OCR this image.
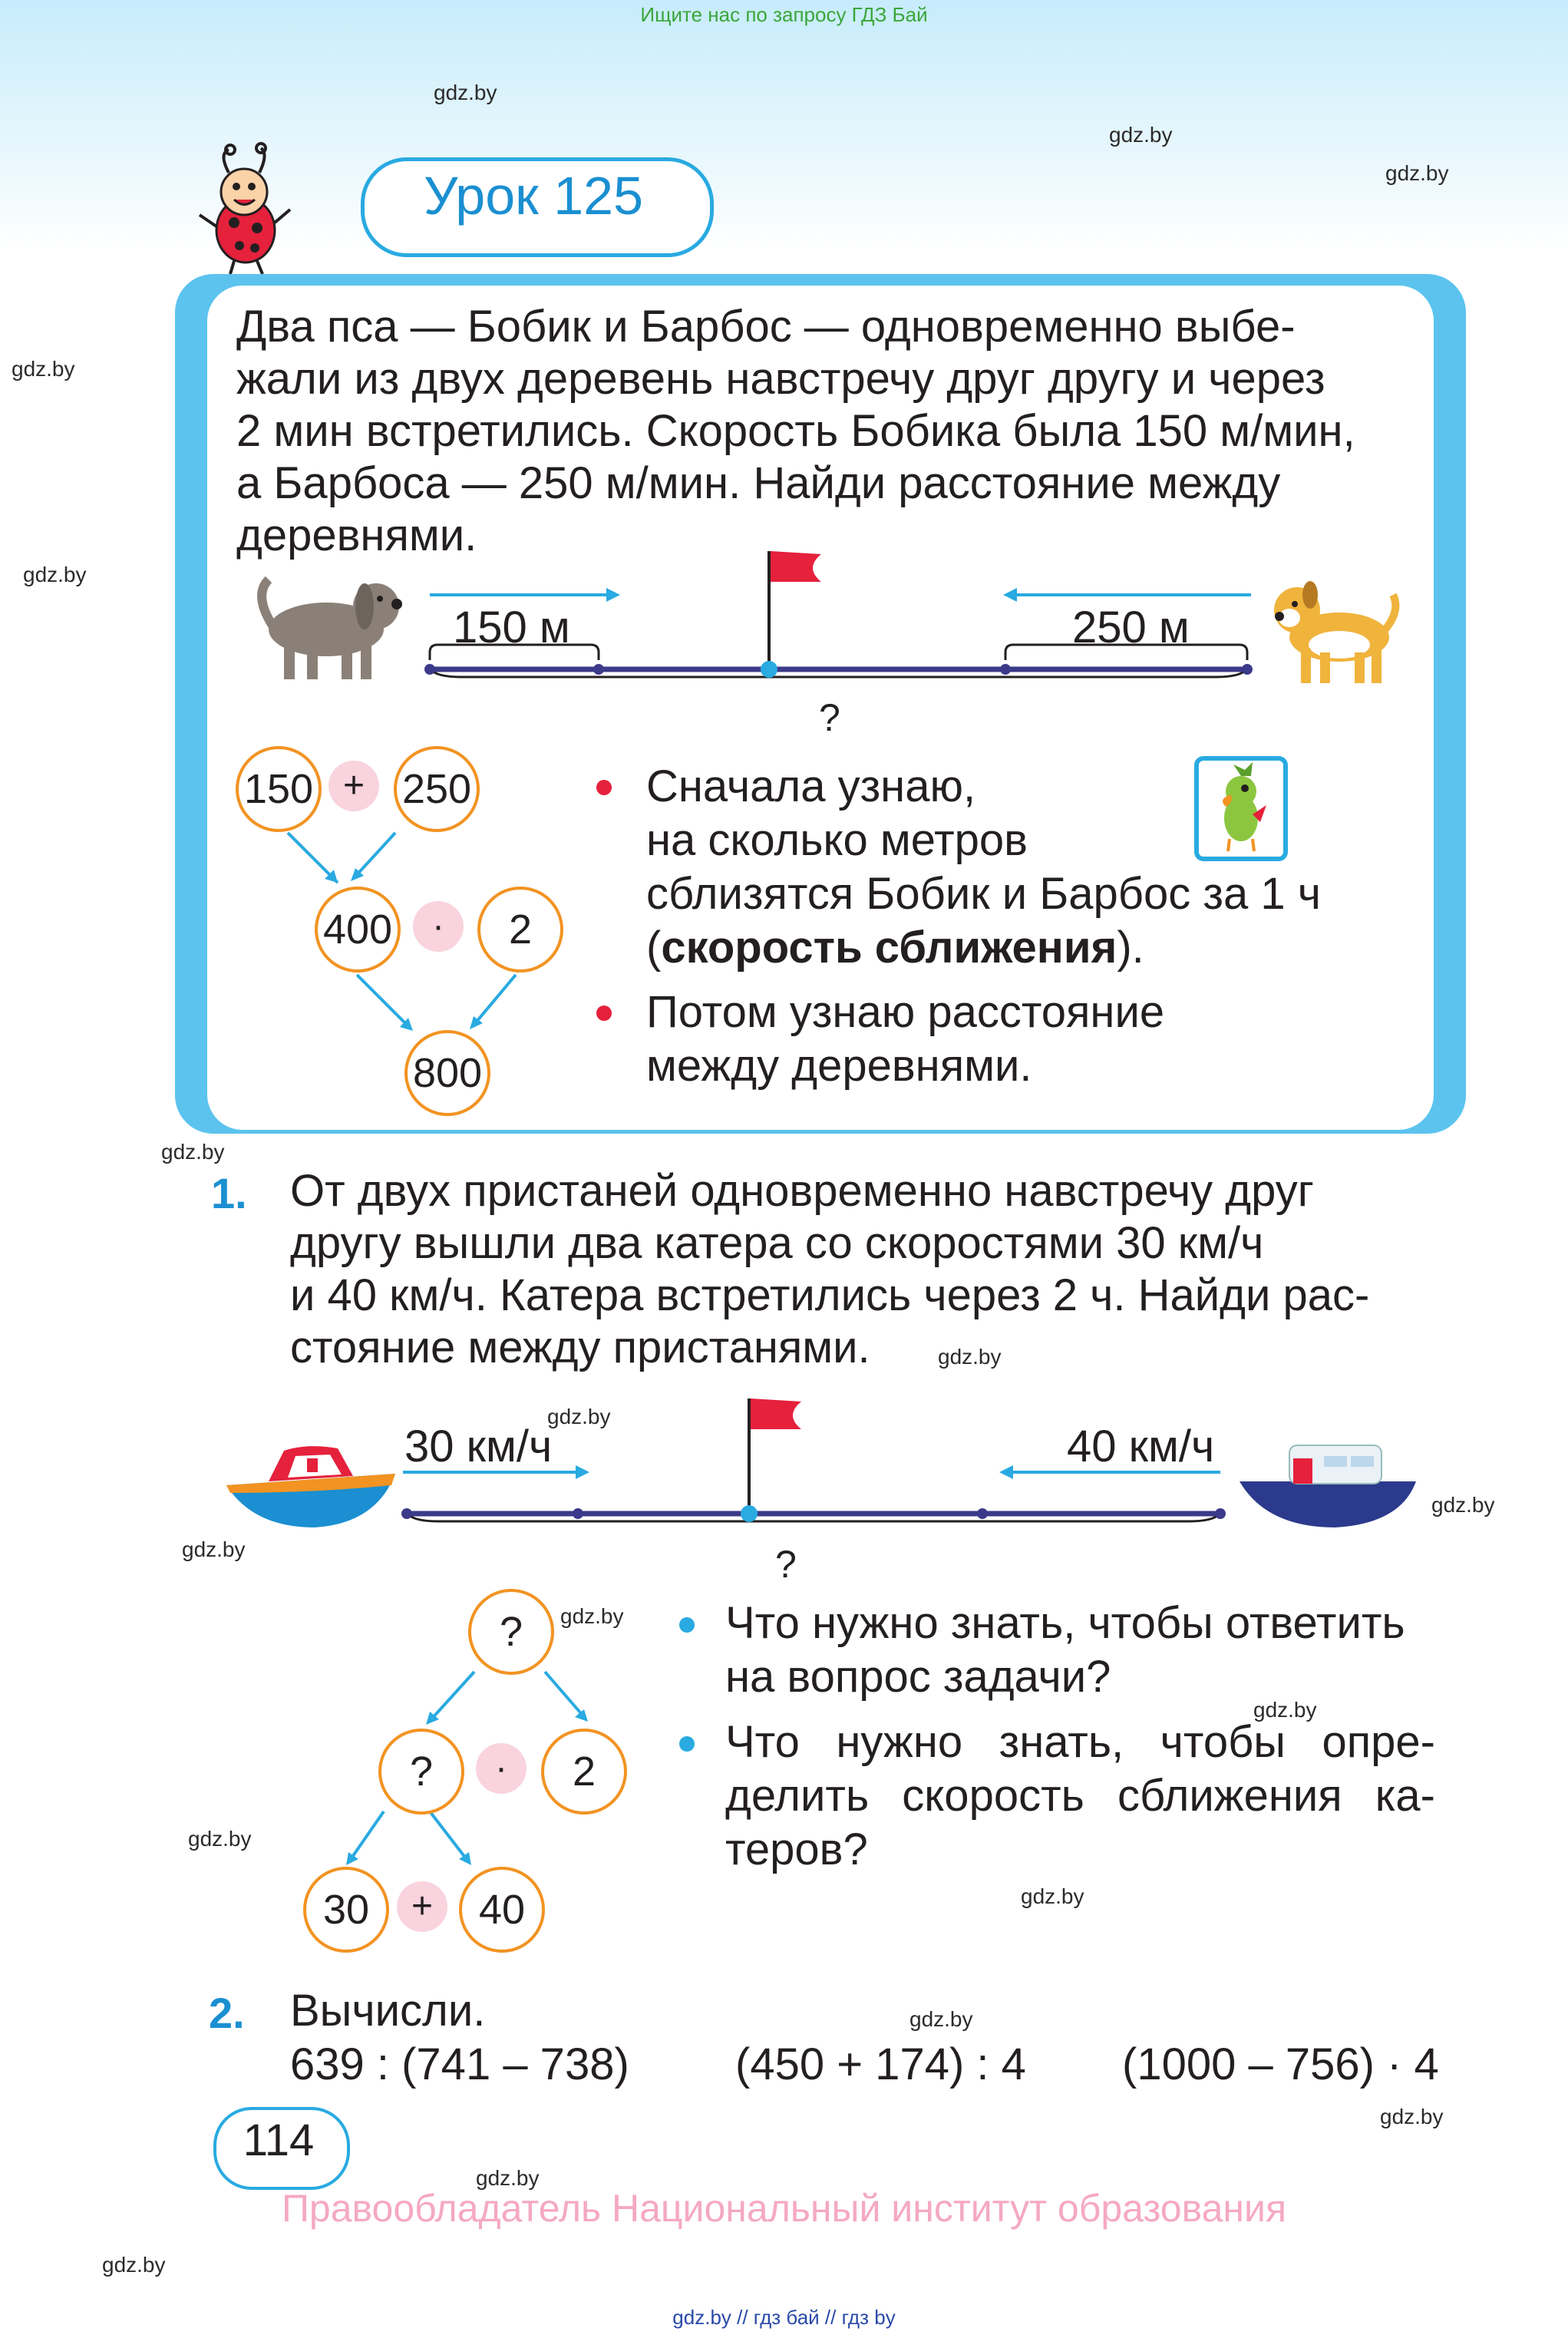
Ищите нас по запросу ГДЗ Бай
gdz.by
gdz.by
gdz.by
gdz.by
gdz.by
gdz.by
gdz.by
gdz.by
gdz.by
gdz.by
gdz.by
gdz.by
gdz.by
gdz.by
gdz.by
gdz.by
gdz.by
gdz.by
Урок 125
Два пса — Бобик и Барбос — одновременно выбе-
жали из двух деревень навстречу друг другу и через
2 мин встретились. Скорость Бобика была 150 м/мин,
а Барбоса — 250 м/мин. Найди расстояние между
деревнями.
150 м	250 м
?
150 + 250
400	·	2
800
Сначала узнаю,
на сколько метров
сблизятся Бобик и Барбос за 1 ч
(скорость сближения).
Потом узнаю расстояние
между деревнями.
1. От двух пристаней одновременно навстречу друг
другу вышли два катера со скоростями 30 км/ч
и 40 км/ч. Катера встретились через 2 ч. Найди рас-
стояние между пристанями.
30 км/ч	40 км/ч
?
?
?	·	2
30	+	40
Что нужно знать, чтобы ответить
на вопрос задачи?
Что нужно знать, чтобы опре-
делить скорость сближения ка-
теров?
2. Вычисли.
639 : (741 – 738) (450 + 174) : 4 (1000 – 756) · 4
114
Правообладатель Национальный институт образования
gdz.by // гдз бай // гдз by
